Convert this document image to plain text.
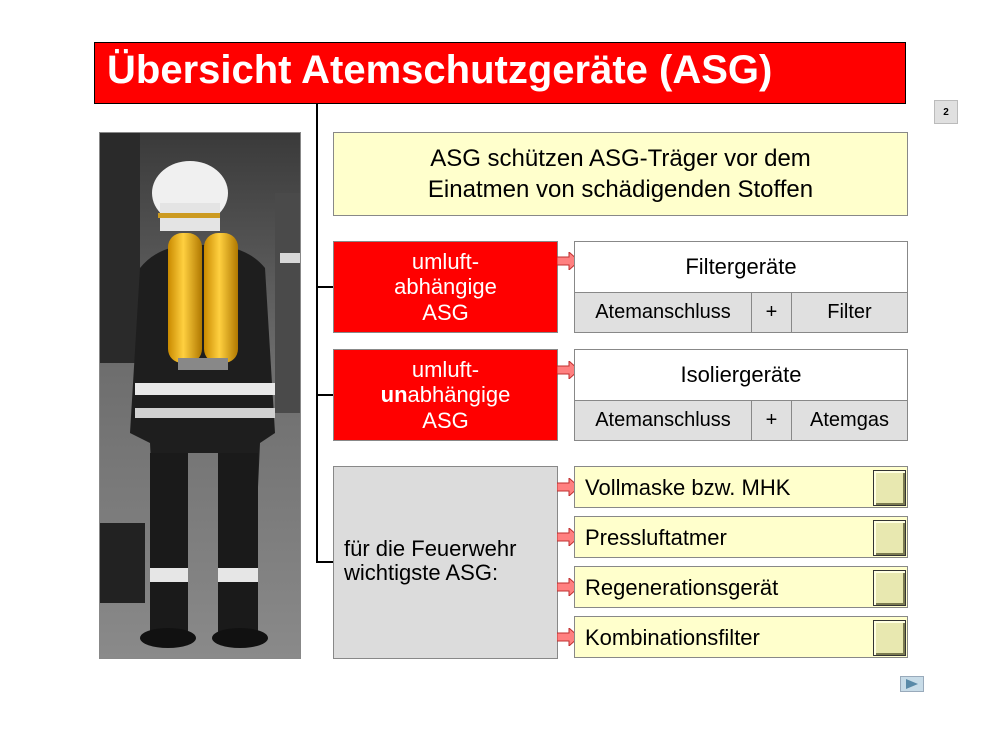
Übersicht Atemschutzgeräte (ASG)
2
ASG schützen ASG-Träger vor dem Einatmen von schädigenden Stoffen
umluft-
abhängige
ASG
Filtergeräte
Atemanschluss	+	Filter
umluft-
unabhängige
ASG
Isoliergeräte
Atemanschluss	+	Atemgas
für die Feuerwehr
wichtigste ASG:
Vollmaske bzw. MHK
Pressluftatmer
Regenerationsgerät
Kombinationsfilter
